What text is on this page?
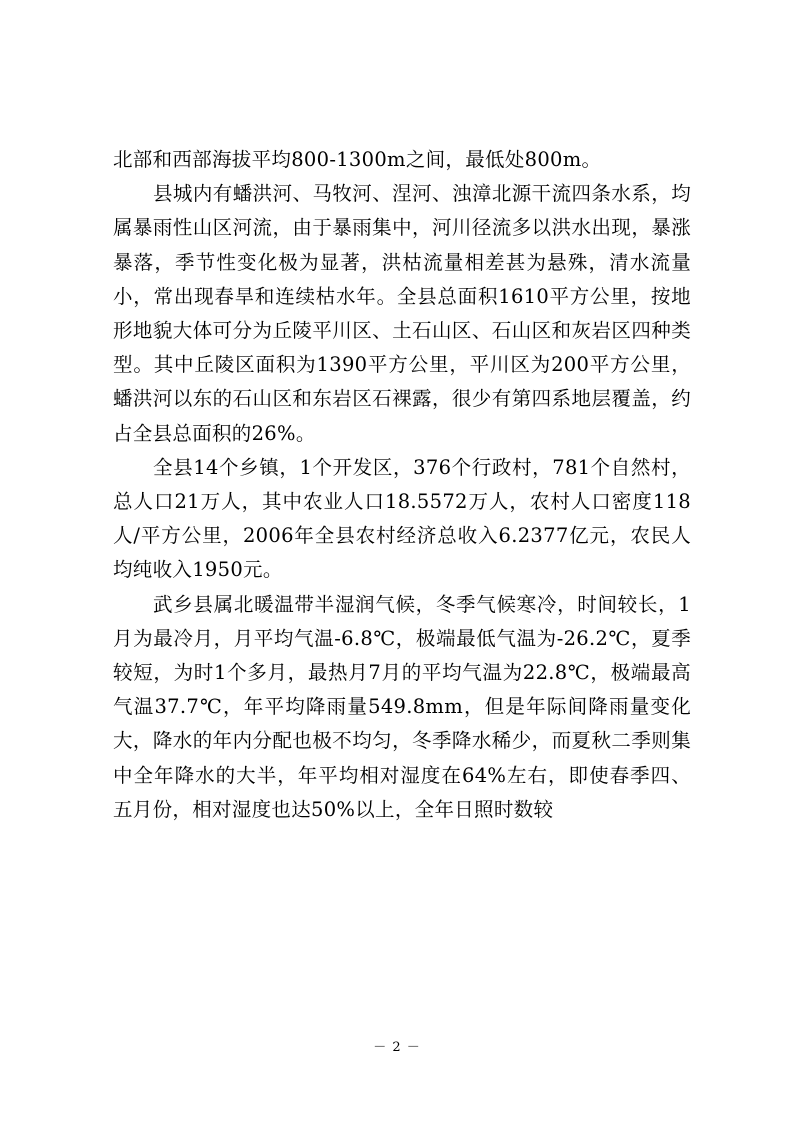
北部和西部海拔平均800-1300m之间，最低处800m。

县城内有蟠洪河、马牧河、涅河、浊漳北源干流四条水系，均属暴雨性山区河流，由于暴雨集中，河川径流多以洪水出现，暴涨暴落，季节性变化极为显著，洪枯流量相差甚为悬殊，清水流量小，常出现春旱和连续枯水年。全县总面积1610平方公里，按地形地貌大体可分为丘陵平川区、土石山区、石山区和灰岩区四种类型。其中丘陵区面积为1390平方公里，平川区为200平方公里，蟠洪河以东的石山区和东岩区石裸露，很少有第四系地层覆盖，约占全县总面积的26%。

全县14个乡镇，1个开发区，376个行政村，781个自然村，总人口21万人，其中农业人口18.5572万人，农村人口密度118人/平方公里，2006年全县农村经济总收入6.2377亿元，农民人均纯收入1950元。

武乡县属北暖温带半湿润气候，冬季气候寒冷，时间较长，1月为最冷月，月平均气温-6.8℃，极端最低气温为-26.2℃，夏季较短，为时1个多月，最热月7月的平均气温为22.8℃，极端最高气温37.7℃，年平均降雨量549.8mm，但是年际间降雨量变化大，降水的年内分配也极不均匀，冬季降水稀少，而夏秋二季则集中全年降水的大半，年平均相对湿度在64%左右，即使春季四、五月份，相对湿度也达50%以上，全年日照时数较

－ 2 －
